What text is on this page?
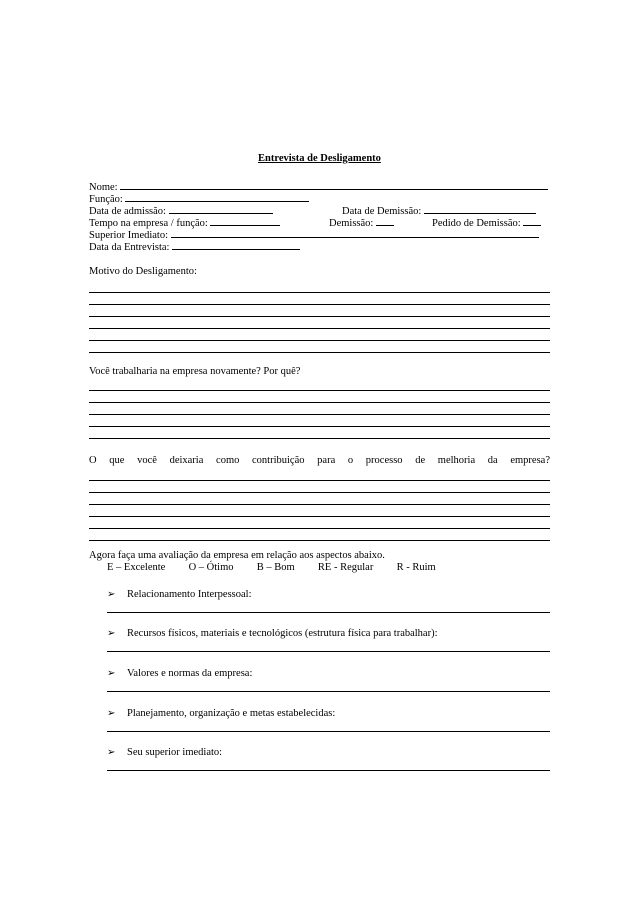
Entrevista de Desligamento
Nome:
Função:
Data de admissão:	Data de Demissão:
Tempo na empresa / função:	Demissão:	Pedido de Demissão:
Superior Imediato:
Data da Entrevista:
Motivo do Desligamento:
Você trabalharia na empresa novamente? Por quê?
O que você deixaria como contribuição para o processo de melhoria da empresa?
Agora faça uma avaliação da empresa em relação aos aspectos abaixo.
E – Excelente O – Ótimo B – Bom RE - Regular R - Ruim
➢ Relacionamento Interpessoal:
➢ Recursos físicos, materiais e tecnológicos (estrutura física para trabalhar):
➢ Valores e normas da empresa:
➢ Planejamento, organização e metas estabelecidas:
➢ Seu superior imediato:
